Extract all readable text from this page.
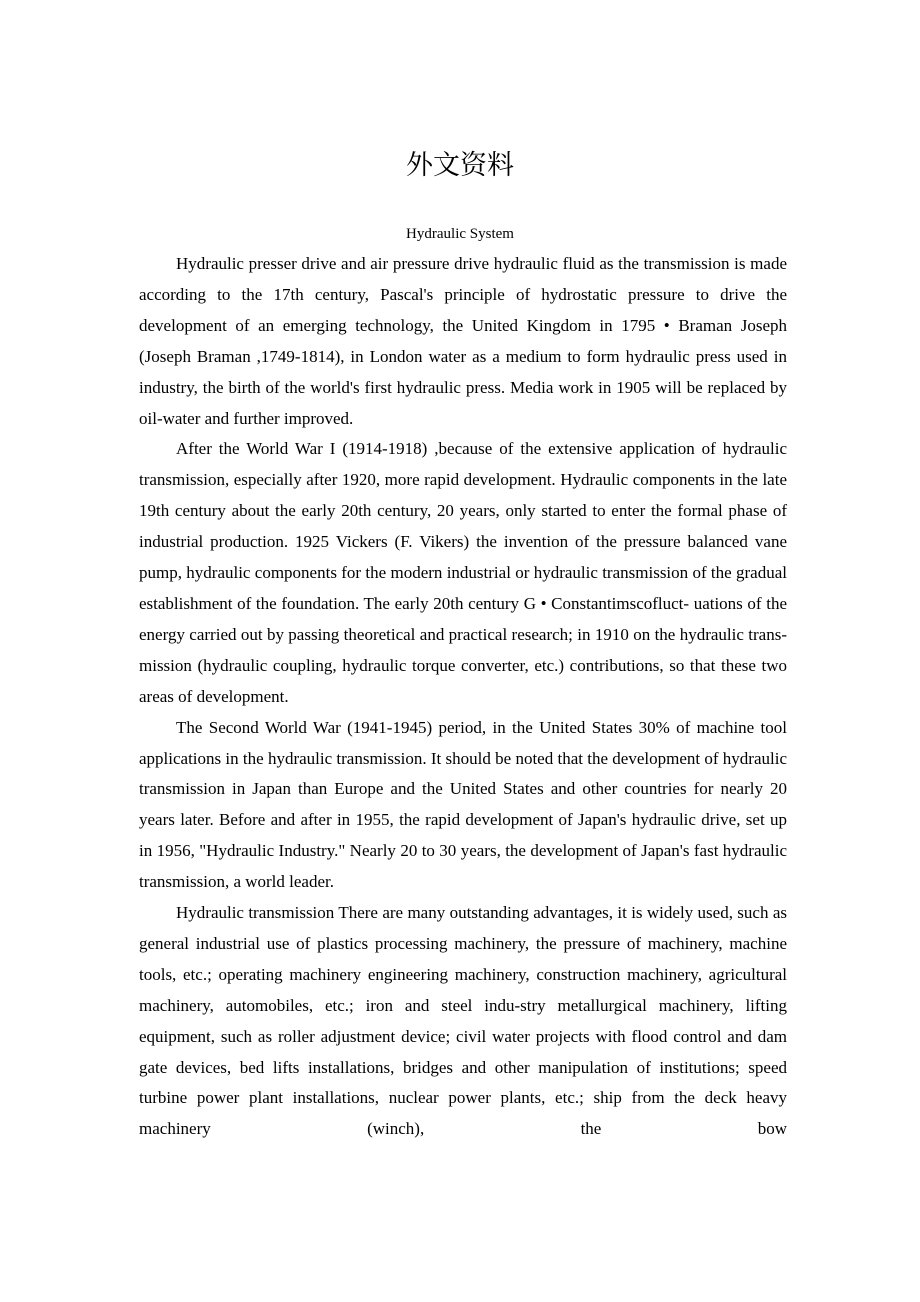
外文资料
Hydraulic System

Hydraulic presser drive and air pressure drive hydraulic fluid as the transmission is made according to the 17th century, Pascal's principle of hydrostatic pressure to drive the development of an emerging technology, the United Kingdom in 1795 • Braman Joseph (Joseph Braman ,1749-1814), in London water as a medium to form hydraulic press used in industry, the birth of the world's first hydraulic press. Media work in 1905 will be replaced by oil-water and further improved.

After the World War I (1914-1918) ,because of the extensive application of hydraulic transmission, especially after 1920, more rapid development. Hydraulic components in the late 19th century about the early 20th century, 20 years, only started to enter the formal phase of industrial production. 1925 Vickers (F. Vikers) the invention of the pressure balanced vane pump, hydraulic components for the modern industrial or hydraulic transmission of the gradual establishment of the foundation. The early 20th century G • Constantimscofluct- uations of the energy carried out by passing theoretical and practical research; in 1910 on the hydraulic trans- mission (hydraulic coupling, hydraulic torque converter, etc.) contributions, so that these two areas of development.

The Second World War (1941-1945) period, in the United States 30% of machine tool applications in the hydraulic transmission. It should be noted that the development of hydraulic transmission in Japan than Europe and the United States and other countries for nearly 20 years later. Before and after in 1955, the rapid development of Japan's hydraulic drive, set up in 1956, "Hydraulic Industry." Nearly 20 to 30 years, the development of Japan's fast hydraulic transmission, a world leader.

Hydraulic transmission There are many outstanding advantages, it is widely used, such as general industrial use of plastics processing machinery, the pressure of machinery, machine tools, etc.; operating machinery engineering machinery, construction machinery, agricultural machinery, automobiles, etc.; iron and steel indu-stry metallurgical machinery, lifting equipment, such as roller adjustment device; civil water projects with flood control and dam gate devices, bed lifts installations, bridges and other manipulation of institutions; speed turbine power plant installations, nuclear power plants, etc.; ship from the deck heavy machinery (winch), the bow
